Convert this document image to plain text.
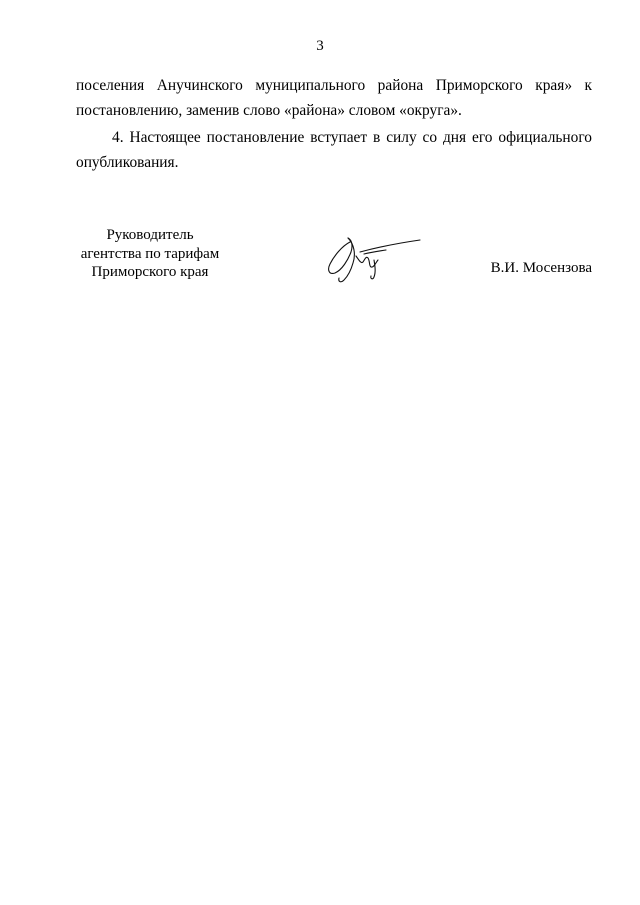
3
поселения Анучинского муниципального района Приморского края» к
постановлению, заменив слово «района» словом «округа».
4. Настоящее постановление вступает в силу со дня его официального
опубликования.
Руководитель
агентства по тарифам
Приморского края	В.И. Мосензова
